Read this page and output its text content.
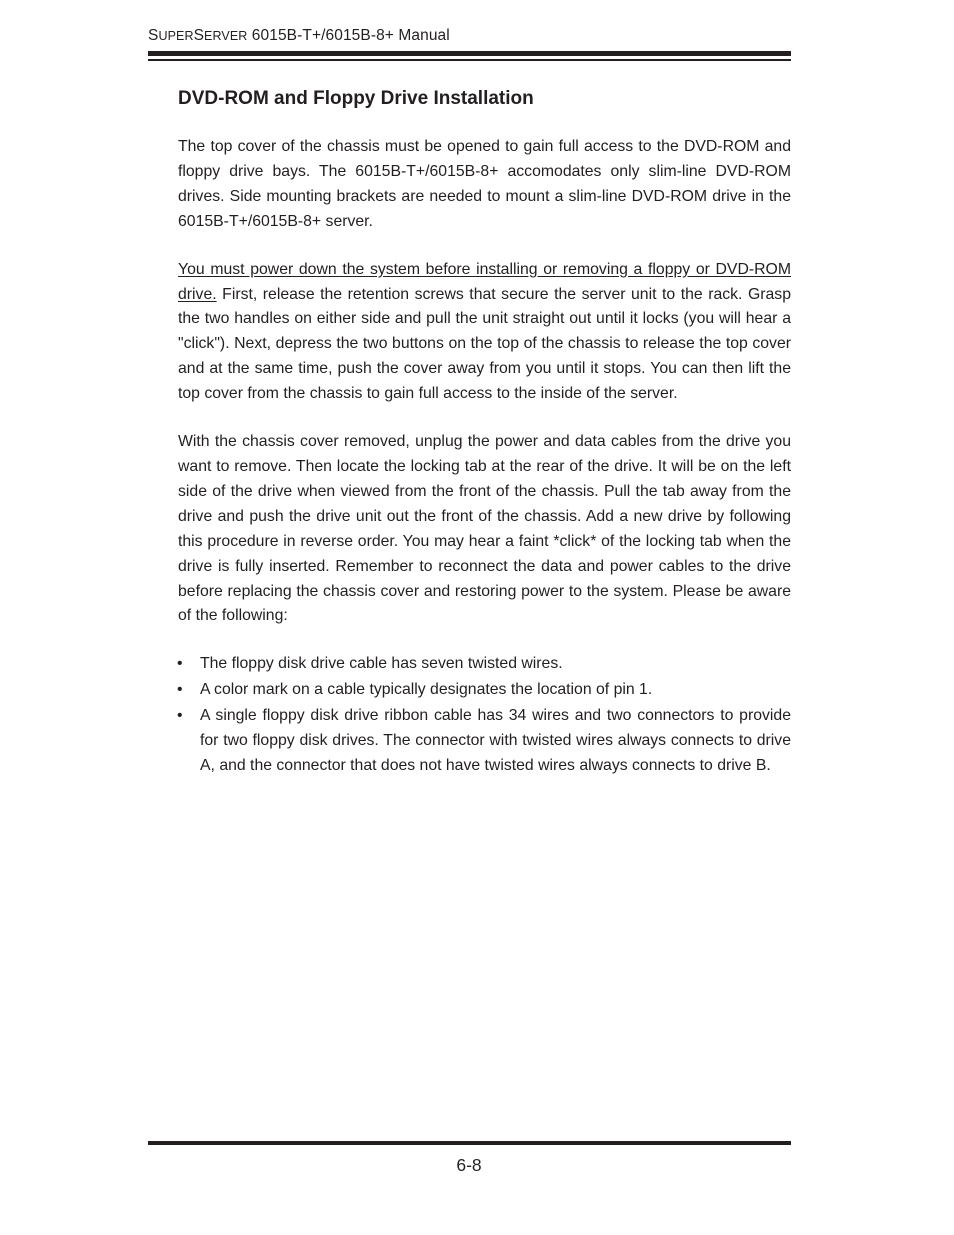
SUPERSERVER 6015B-T+/6015B-8+ Manual
DVD-ROM and Floppy Drive Installation

The top cover of the chassis must be opened to gain full access to the DVD-ROM and floppy drive bays. The 6015B-T+/6015B-8+ accomodates only slim-line DVD-ROM drives. Side mounting brackets are needed to mount a slim-line DVD-ROM drive in the 6015B-T+/6015B-8+ server.

You must power down the system before installing or removing a floppy or DVD-ROM drive. First, release the retention screws that secure the server unit to the rack. Grasp the two handles on either side and pull the unit straight out until it locks (you will hear a "click"). Next, depress the two buttons on the top of the chassis to release the top cover and at the same time, push the cover away from you until it stops. You can then lift the top cover from the chassis to gain full access to the inside of the server.

With the chassis cover removed, unplug the power and data cables from the drive you want to remove. Then locate the locking tab at the rear of the drive. It will be on the left side of the drive when viewed from the front of the chassis. Pull the tab away from the drive and push the drive unit out the front of the chassis. Add a new drive by following this procedure in reverse order. You may hear a faint *click* of the locking tab when the drive is fully inserted. Remember to reconnect the data and power cables to the drive before replacing the chassis cover and restoring power to the system. Please be aware of the following:

• The floppy disk drive cable has seven twisted wires.
• A color mark on a cable typically designates the location of pin 1.
• A single floppy disk drive ribbon cable has 34 wires and two connectors to provide for two floppy disk drives. The connector with twisted wires always connects to drive A, and the connector that does not have twisted wires always connects to drive B.
6-8
